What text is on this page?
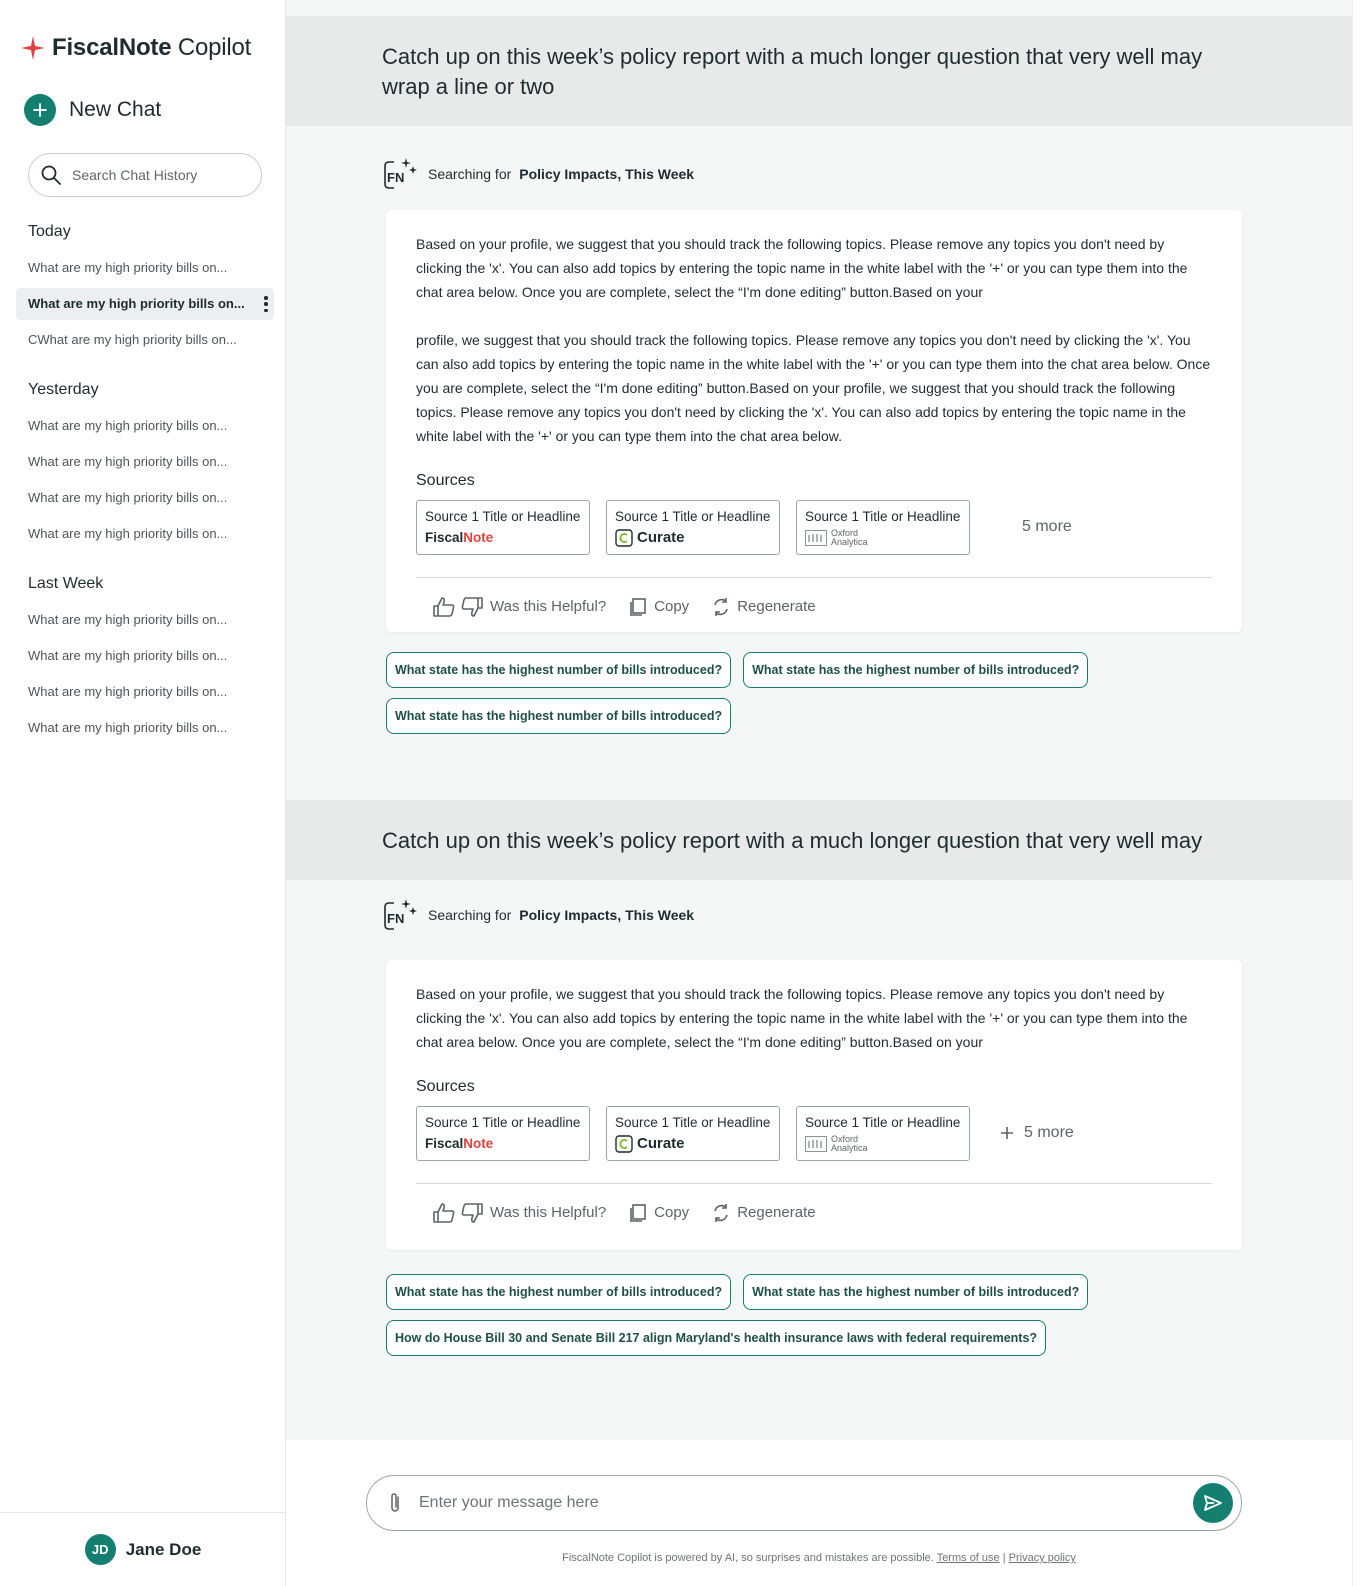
FiscalNote Copilot
New Chat
Search Chat History
Today
What are my high priority bills on...
What are my high priority bills on...
CWhat are my high priority bills on...
Yesterday
What are my high priority bills on...
What are my high priority bills on...
What are my high priority bills on...
What are my high priority bills on...
Last Week
What are my high priority bills on...
What are my high priority bills on...
What are my high priority bills on...
What are my high priority bills on...
JD	Jane Doe
Catch up on this week’s policy report with a much longer question that very well may wrap a line or two
FN Searching for Policy Impacts, This Week

Based on your profile, we suggest that you should track the following topics. Please remove any topics you don't need by clicking the 'x'. You can also add topics by entering the topic name in the white label with the '+' or you can type them into the chat area below. Once you are complete, select the “I'm done editing” button.Based on your

profile, we suggest that you should track the following topics. Please remove any topics you don't need by clicking the 'x'. You can also add topics by entering the topic name in the white label with the '+' or you can type them into the chat area below. Once you are complete, select the “I'm done editing” button.Based on your profile, we suggest that you should track the following topics. Please remove any topics you don't need by clicking the 'x'. You can also add topics by entering the topic name in the white label with the '+' or you can type them into the chat area below.

Sources
Source 1 Title or Headline
FiscalNote
Source 1 Title or Headline
Curate
Source 1 Title or Headline
Oxford
Analytica
5 more
Was this Helpful?	Copy	Regenerate
What state has the highest number of bills introduced?	What state has the highest number of bills introduced?
What state has the highest number of bills introduced?
Catch up on this week’s policy report with a much longer question that very well may
FN Searching for Policy Impacts, This Week

Based on your profile, we suggest that you should track the following topics. Please remove any topics you don't need by clicking the 'x'. You can also add topics by entering the topic name in the white label with the '+' or you can type them into the chat area below. Once you are complete, select the “I'm done editing” button.Based on your

Sources
Source 1 Title or Headline
FiscalNote
Source 1 Title or Headline
Curate
Source 1 Title or Headline
Oxford
Analytica
5 more
Was this Helpful?	Copy	Regenerate
What state has the highest number of bills introduced?	What state has the highest number of bills introduced?
How do House Bill 30 and Senate Bill 217 align Maryland's health insurance laws with federal requirements?
Enter your message here
FiscalNote Copilot is powered by AI, so surprises and mistakes are possible. Terms of use | Privacy policy
